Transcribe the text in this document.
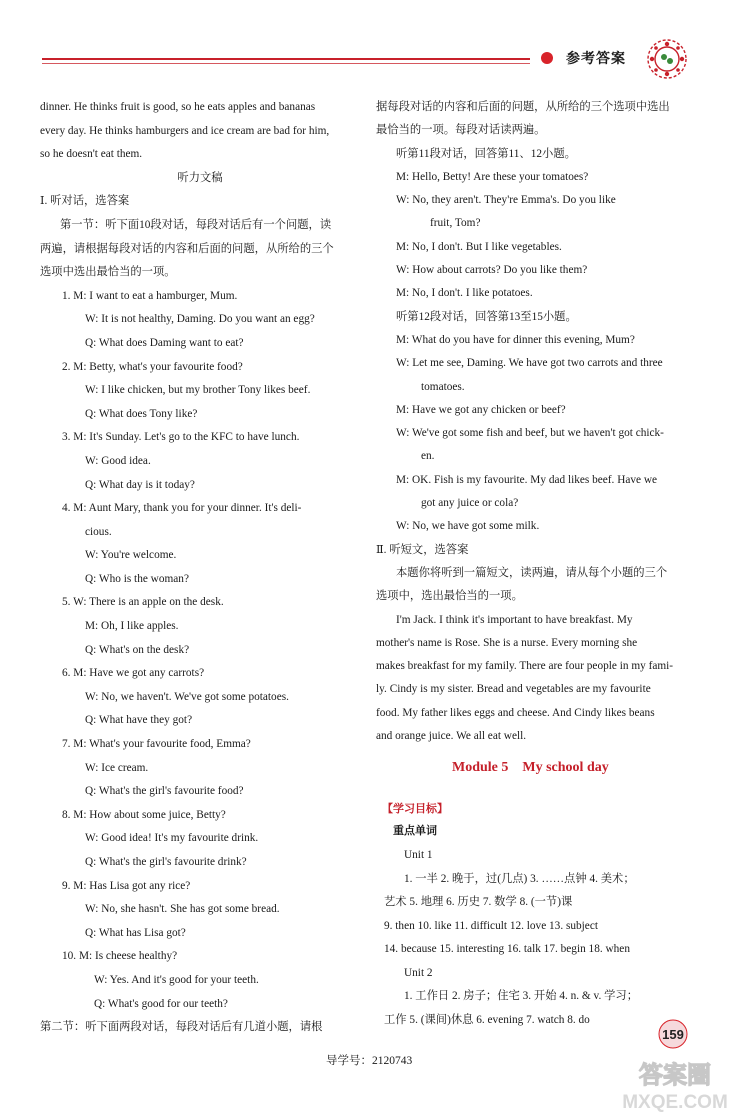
参考答案
dinner. He thinks fruit is good, so he eats apples and bananas
every day. He thinks hamburgers and ice cream are bad for him,
so he doesn't eat them.
听力文稿
Ⅰ. 听对话，选答案
第一节：听下面10段对话，每段对话后有一个问题，读
两遍，请根据每段对话的内容和后面的问题，从所给的三个
选项中选出最恰当的一项。
1. M: I want to eat a hamburger, Mum.
W: It is not healthy, Daming. Do you want an egg?
Q: What does Daming want to eat?
2. M: Betty, what's your favourite food?
W: I like chicken, but my brother Tony likes beef.
Q: What does Tony like?
3. M: It's Sunday. Let's go to the KFC to have lunch.
W: Good idea.
Q: What day is it today?
4. M: Aunt Mary, thank you for your dinner. It's deli-
cious.
W: You're welcome.
Q: Who is the woman?
5. W: There is an apple on the desk.
M: Oh, I like apples.
Q: What's on the desk?
6. M: Have we got any carrots?
W: No, we haven't. We've got some potatoes.
Q: What have they got?
7. M: What's your favourite food, Emma?
W: Ice cream.
Q: What's the girl's favourite food?
8. M: How about some juice, Betty?
W: Good idea! It's my favourite drink.
Q: What's the girl's favourite drink?
9. M: Has Lisa got any rice?
W: No, she hasn't. She has got some bread.
Q: What has Lisa got?
10. M: Is cheese healthy?
W: Yes. And it's good for your teeth.
Q: What's good for our teeth?
第二节：听下面两段对话，每段对话后有几道小题，请根
据每段对话的内容和后面的问题，从所给的三个选项中选出
最恰当的一项。每段对话读两遍。
听第11段对话，回答第11、12小题。
M: Hello, Betty! Are these your tomatoes?
W: No, they aren't. They're Emma's. Do you like
fruit, Tom?
M: No, I don't. But I like vegetables.
W: How about carrots? Do you like them?
M: No, I don't. I like potatoes.
听第12段对话，回答第13至15小题。
M: What do you have for dinner this evening, Mum?
W: Let me see, Daming. We have got two carrots and three
tomatoes.
M: Have we got any chicken or beef?
W: We've got some fish and beef, but we haven't got chick-
en.
M: OK. Fish is my favourite. My dad likes beef. Have we
got any juice or cola?
W: No, we have got some milk.
Ⅱ. 听短文，选答案
本题你将听到一篇短文，读两遍，请从每个小题的三个
选项中，选出最恰当的一项。
I'm Jack. I think it's important to have breakfast. My
mother's name is Rose. She is a nurse. Every morning she
makes breakfast for my family. There are four people in my fami-
ly. Cindy is my sister. Bread and vegetables are my favourite
food. My father likes eggs and cheese. And Cindy likes beans
and orange juice. We all eat well.
Module 5 My school day
【学习目标】
重点单词
Unit 1
1. 一半 2. 晚于，过(几点) 3. ……点钟 4. 美术；
艺术 5. 地理 6. 历史 7. 数学 8. (一节)课
9. then 10. like 11. difficult 12. love 13. subject
14. because 15. interesting 16. talk 17. begin 18. when
Unit 2
1. 工作日 2. 房子；住宅 3. 开始 4. n. & v. 学习；
工作 5. (课间)休息 6. evening 7. watch 8. do
导学号：2120743
159
答案圈
MXQE.COM
